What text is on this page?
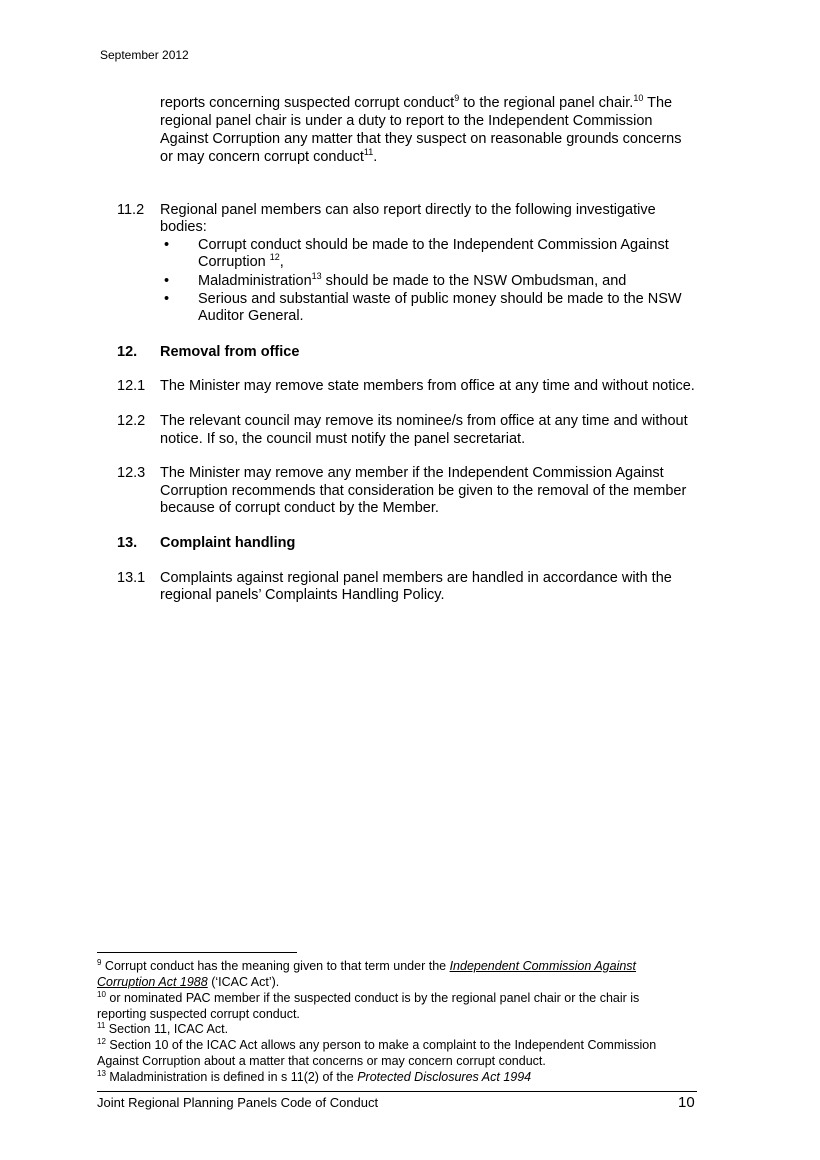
September 2012
reports concerning suspected corrupt conduct$^9$ to the regional panel chair.$^{10}$ The
regional panel chair is under a duty to report to the Independent Commission
Against Corruption any matter that they suspect on reasonable grounds concerns
or may concern corrupt conduct$^{11}$.
11.2 Regional panel members can also report directly to the following investigative
bodies:
• Corrupt conduct should be made to the Independent Commission Against
Corruption $^{12}$,
• Maladministration$^{13}$ should be made to the NSW Ombudsman, and
• Serious and substantial waste of public money should be made to the NSW
Auditor General.
12. Removal from office
12.1 The Minister may remove state members from office at any time and without notice.
12.2 The relevant council may remove its nominee/s from office at any time and without
notice. If so, the council must notify the panel secretariat.
12.3 The Minister may remove any member if the Independent Commission Against
Corruption recommends that consideration be given to the removal of the member
because of corrupt conduct by the Member.
13. Complaint handling
13.1 Complaints against regional panel members are handled in accordance with the
regional panels’ Complaints Handling Policy.
$^9$ Corrupt conduct has the meaning given to that term under the Independent Commission Against
Corruption Act 1988 (‘ICAC Act’).
$^{10}$ or nominated PAC member if the suspected conduct is by the regional panel chair or the chair is
reporting suspected corrupt conduct.
$^{11}$ Section 11, ICAC Act.
$^{12}$ Section 10 of the ICAC Act allows any person to make a complaint to the Independent Commission
Against Corruption about a matter that concerns or may concern corrupt conduct.
$^{13}$ Maladministration is defined in s 11(2) of the Protected Disclosures Act 1994
Joint Regional Planning Panels Code of Conduct	10
